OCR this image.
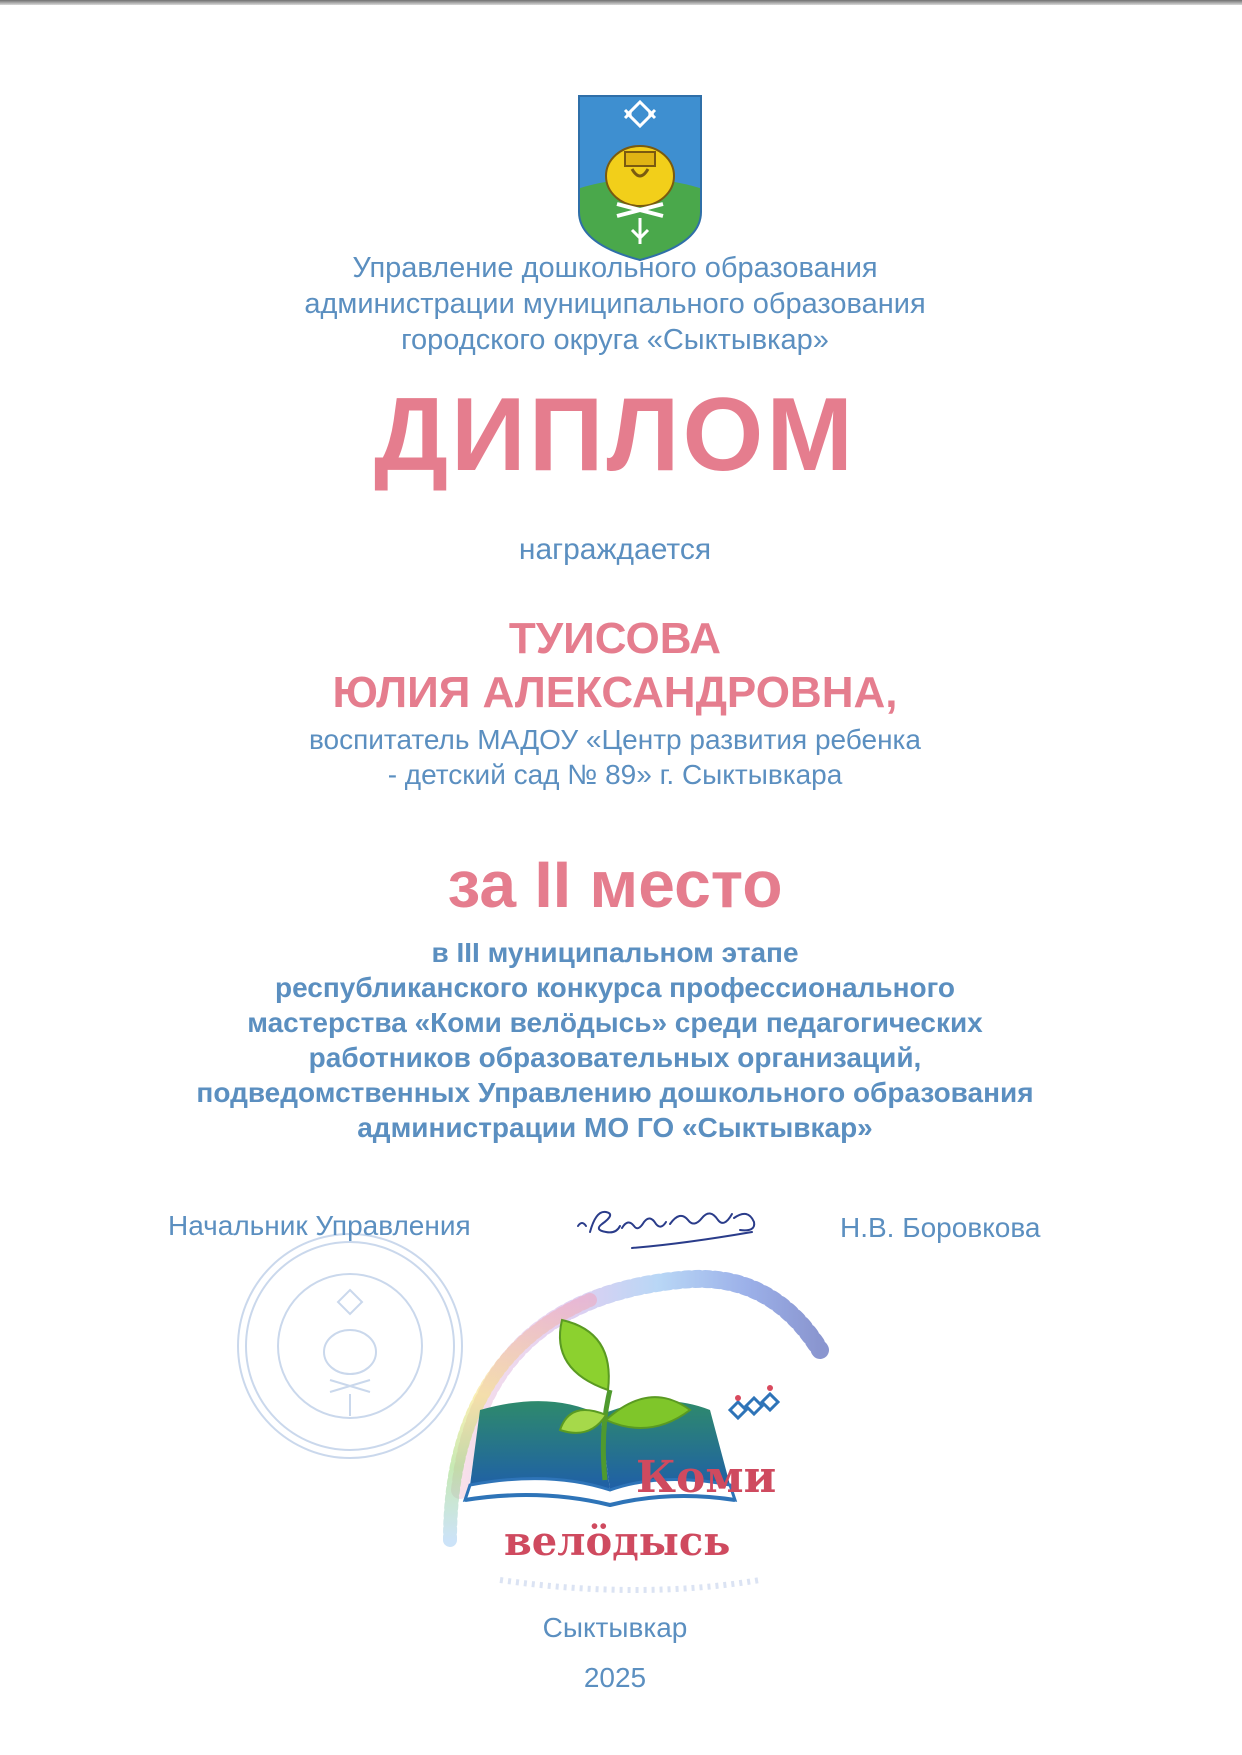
Управление дошкольного образования
администрации муниципального образования
городского округа «Сыктывкар»
ДИПЛОМ
награждается
ТУИСОВА
ЮЛИЯ АЛЕКСАНДРОВНА,
воспитатель МАДОУ «Центр развития ребенка
- детский сад № 89» г. Сыктывкара
за II место
в III муниципальном этапе
республиканского конкурса профессионального
мастерства «Коми велӧдысь» среди педагогических
работников образовательных организаций,
подведомственных Управлению дошкольного образования
администрации МО ГО «Сыктывкар»
Начальник Управления	Н.В. Боровкова
Коми
велӧдысь
Сыктывкар
2025
